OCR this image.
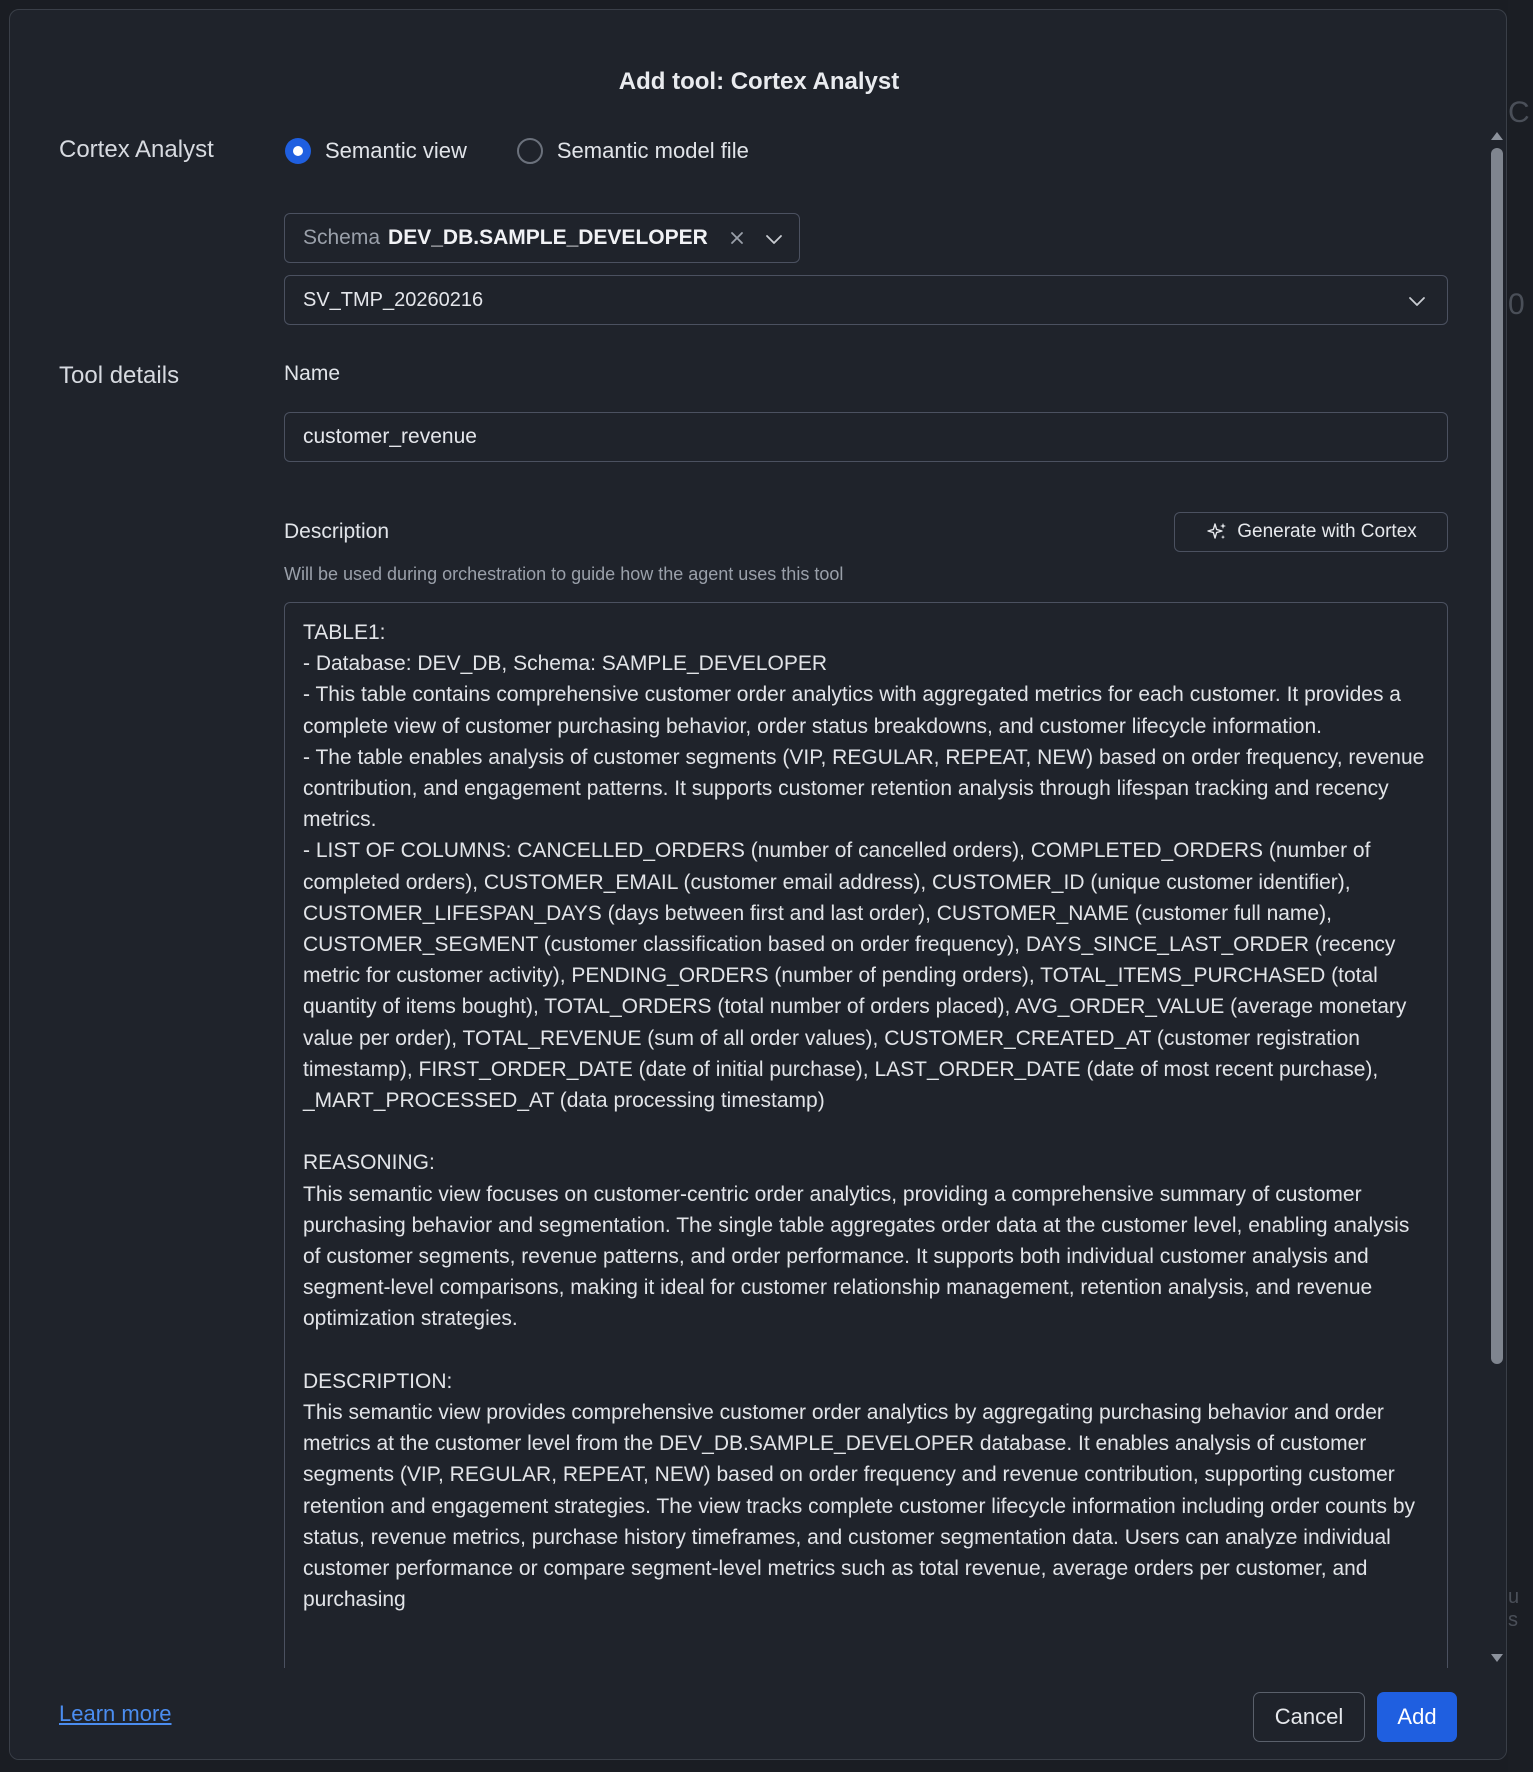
C
0
u s
Add tool: Cortex Analyst
Cortex Analyst	Semantic view	Semantic model file
Schema DEV_DB.SAMPLE_DEVELOPER
SV_TMP_20260216
Tool details	Name
customer_revenue
Description	Generate with Cortex
Will be used during orchestration to guide how the agent uses this tool
TABLE1:
- Database: DEV_DB, Schema: SAMPLE_DEVELOPER
- This table contains comprehensive customer order analytics with aggregated metrics for each customer. It provides a complete view of customer purchasing behavior, order status breakdowns, and customer lifecycle information.
- The table enables analysis of customer segments (VIP, REGULAR, REPEAT, NEW) based on order frequency, revenue contribution, and engagement patterns. It supports customer retention analysis through lifespan tracking and recency metrics.
- LIST OF COLUMNS: CANCELLED_ORDERS (number of cancelled orders), COMPLETED_ORDERS (number of completed orders), CUSTOMER_EMAIL (customer email address), CUSTOMER_ID (unique customer identifier), CUSTOMER_LIFESPAN_DAYS (days between first and last order), CUSTOMER_NAME (customer full name), CUSTOMER_SEGMENT (customer classification based on order frequency), DAYS_SINCE_LAST_ORDER (recency metric for customer activity), PENDING_ORDERS (number of pending orders), TOTAL_ITEMS_PURCHASED (total quantity of items bought), TOTAL_ORDERS (total number of orders placed), AVG_ORDER_VALUE (average monetary value per order), TOTAL_REVENUE (sum of all order values), CUSTOMER_CREATED_AT (customer registration timestamp), FIRST_ORDER_DATE (date of initial purchase), LAST_ORDER_DATE (date of most recent purchase), _MART_PROCESSED_AT (data processing timestamp)

REASONING:
This semantic view focuses on customer-centric order analytics, providing a comprehensive summary of customer purchasing behavior and segmentation. The single table aggregates order data at the customer level, enabling analysis of customer segments, revenue patterns, and order performance. It supports both individual customer analysis and segment-level comparisons, making it ideal for customer relationship management, retention analysis, and revenue optimization strategies.

DESCRIPTION:
This semantic view provides comprehensive customer order analytics by aggregating purchasing behavior and order metrics at the customer level from the DEV_DB.SAMPLE_DEVELOPER database. It enables analysis of customer segments (VIP, REGULAR, REPEAT, NEW) based on order frequency and revenue contribution, supporting customer retention and engagement strategies. The view tracks complete customer lifecycle information including order counts by status, revenue metrics, purchase history timeframes, and customer segmentation data. Users can analyze individual customer performance or compare segment-level metrics such as total revenue, average orders per customer, and purchasing
Learn more	Cancel	Add
